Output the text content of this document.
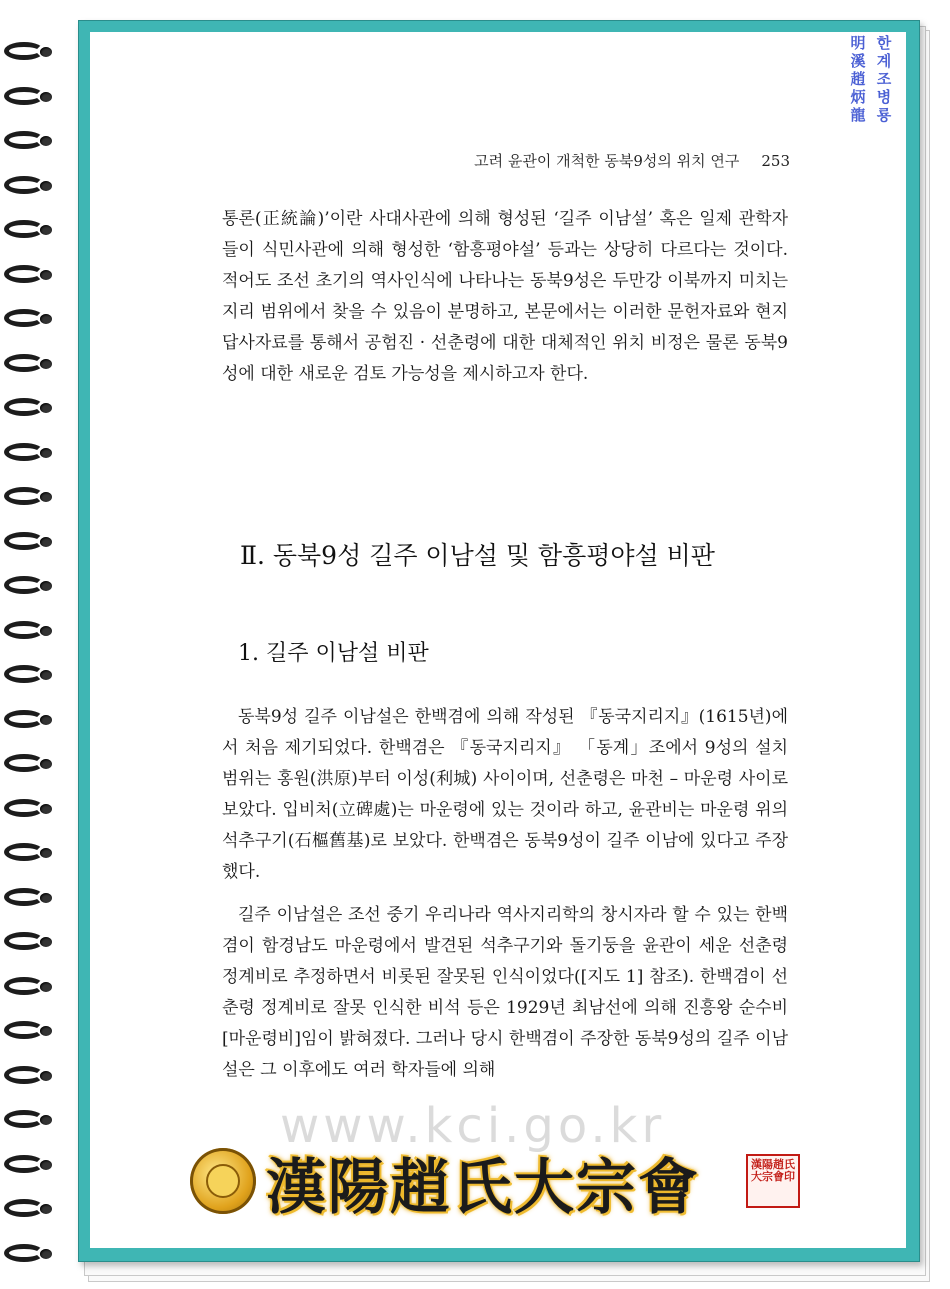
明溪趙炳龍
한계조병룡
고려 윤관이 개척한 동북9성의 위치 연구 253

통론(正統論)’이란 사대사관에 의해 형성된 ‘길주 이남설’ 혹은 일제 관학자들이 식민사관에 의해 형성한 ‘함흥평야설’ 등과는 상당히 다르다는 것이다. 적어도 조선 초기의 역사인식에 나타나는 동북9성은 두만강 이북까지 미치는 지리 범위에서 찾을 수 있음이 분명하고, 본문에서는 이러한 문헌자료와 현지 답사자료를 통해서 공험진 · 선춘령에 대한 대체적인 위치 비정은 물론 동북9성에 대한 새로운 검토 가능성을 제시하고자 한다.

Ⅱ. 동북9성 길주 이남설 및 함흥평야설 비판
1. 길주 이남설 비판

동북9성 길주 이남설은 한백겸에 의해 작성된 『동국지리지』(1615년)에서 처음 제기되었다. 한백겸은 『동국지리지』 「동계」조에서 9성의 설치 범위는 홍원(洪原)부터 이성(利城) 사이이며, 선춘령은 마천 – 마운령 사이로 보았다. 입비처(立碑處)는 마운령에 있는 것이라 하고, 윤관비는 마운령 위의 석추구기(石樞舊基)로 보았다. 한백겸은 동북9성이 길주 이남에 있다고 주장했다.

길주 이남설은 조선 중기 우리나라 역사지리학의 창시자라 할 수 있는 한백겸이 함경남도 마운령에서 발견된 석추구기와 돌기둥을 윤관이 세운 선춘령 정계비로 추정하면서 비롯된 잘못된 인식이었다([지도 1] 참조). 한백겸이 선춘령 정계비로 잘못 인식한 비석 등은 1929년 최남선에 의해 진흥왕 순수비[마운령비]임이 밝혀졌다. 그러나 당시 한백겸이 주장한 동북9성의 길주 이남설은 그 이후에도 여러 학자들에 의해

www.kci.go.kr
漢陽趙氏大宗會	漢陽趙氏大宗會印
